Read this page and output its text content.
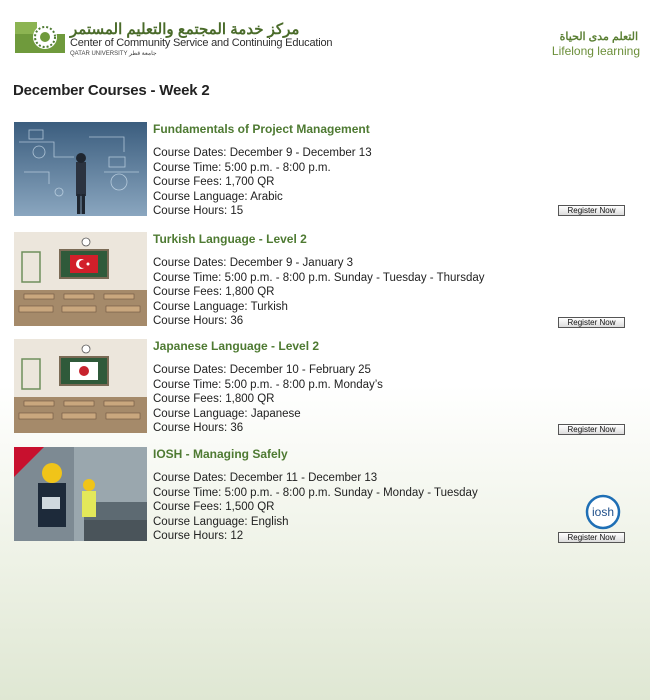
مركز خدمة المجتمع والتعليم المستمر
Center of Community Service and Continuing Education
QATAR UNIVERSITY جامعة قطر
التعلم مدى الحياة
Lifelong learning
December Courses - Week 2
Fundamentals of Project Management
Course Dates: December 9 - December 13
Course Time: 5:00 p.m. - 8:00 p.m.
Course Fees: 1,700 QR
Course Language: Arabic
Course Hours: 15	Register Now
Turkish Language - Level 2
Course Dates: December 9 - January 3
Course Time: 5:00 p.m. - 8:00 p.m. Sunday - Tuesday - Thursday
Course Fees: 1,800 QR
Course Language: Turkish
Course Hours: 36	Register Now
Japanese Language - Level 2
Course Dates: December 10 - February 25
Course Time: 5:00 p.m. - 8:00 p.m. Monday’s
Course Fees: 1,800 QR
Course Language: Japanese
Course Hours: 36	Register Now
IOSH - Managing Safely
Course Dates: December 11 - December 13
Course Time: 5:00 p.m. - 8:00 p.m. Sunday - Monday - Tuesday
Course Fees: 1,500 QR
Course Language: English
Course Hours: 12
iosh
Register Now
